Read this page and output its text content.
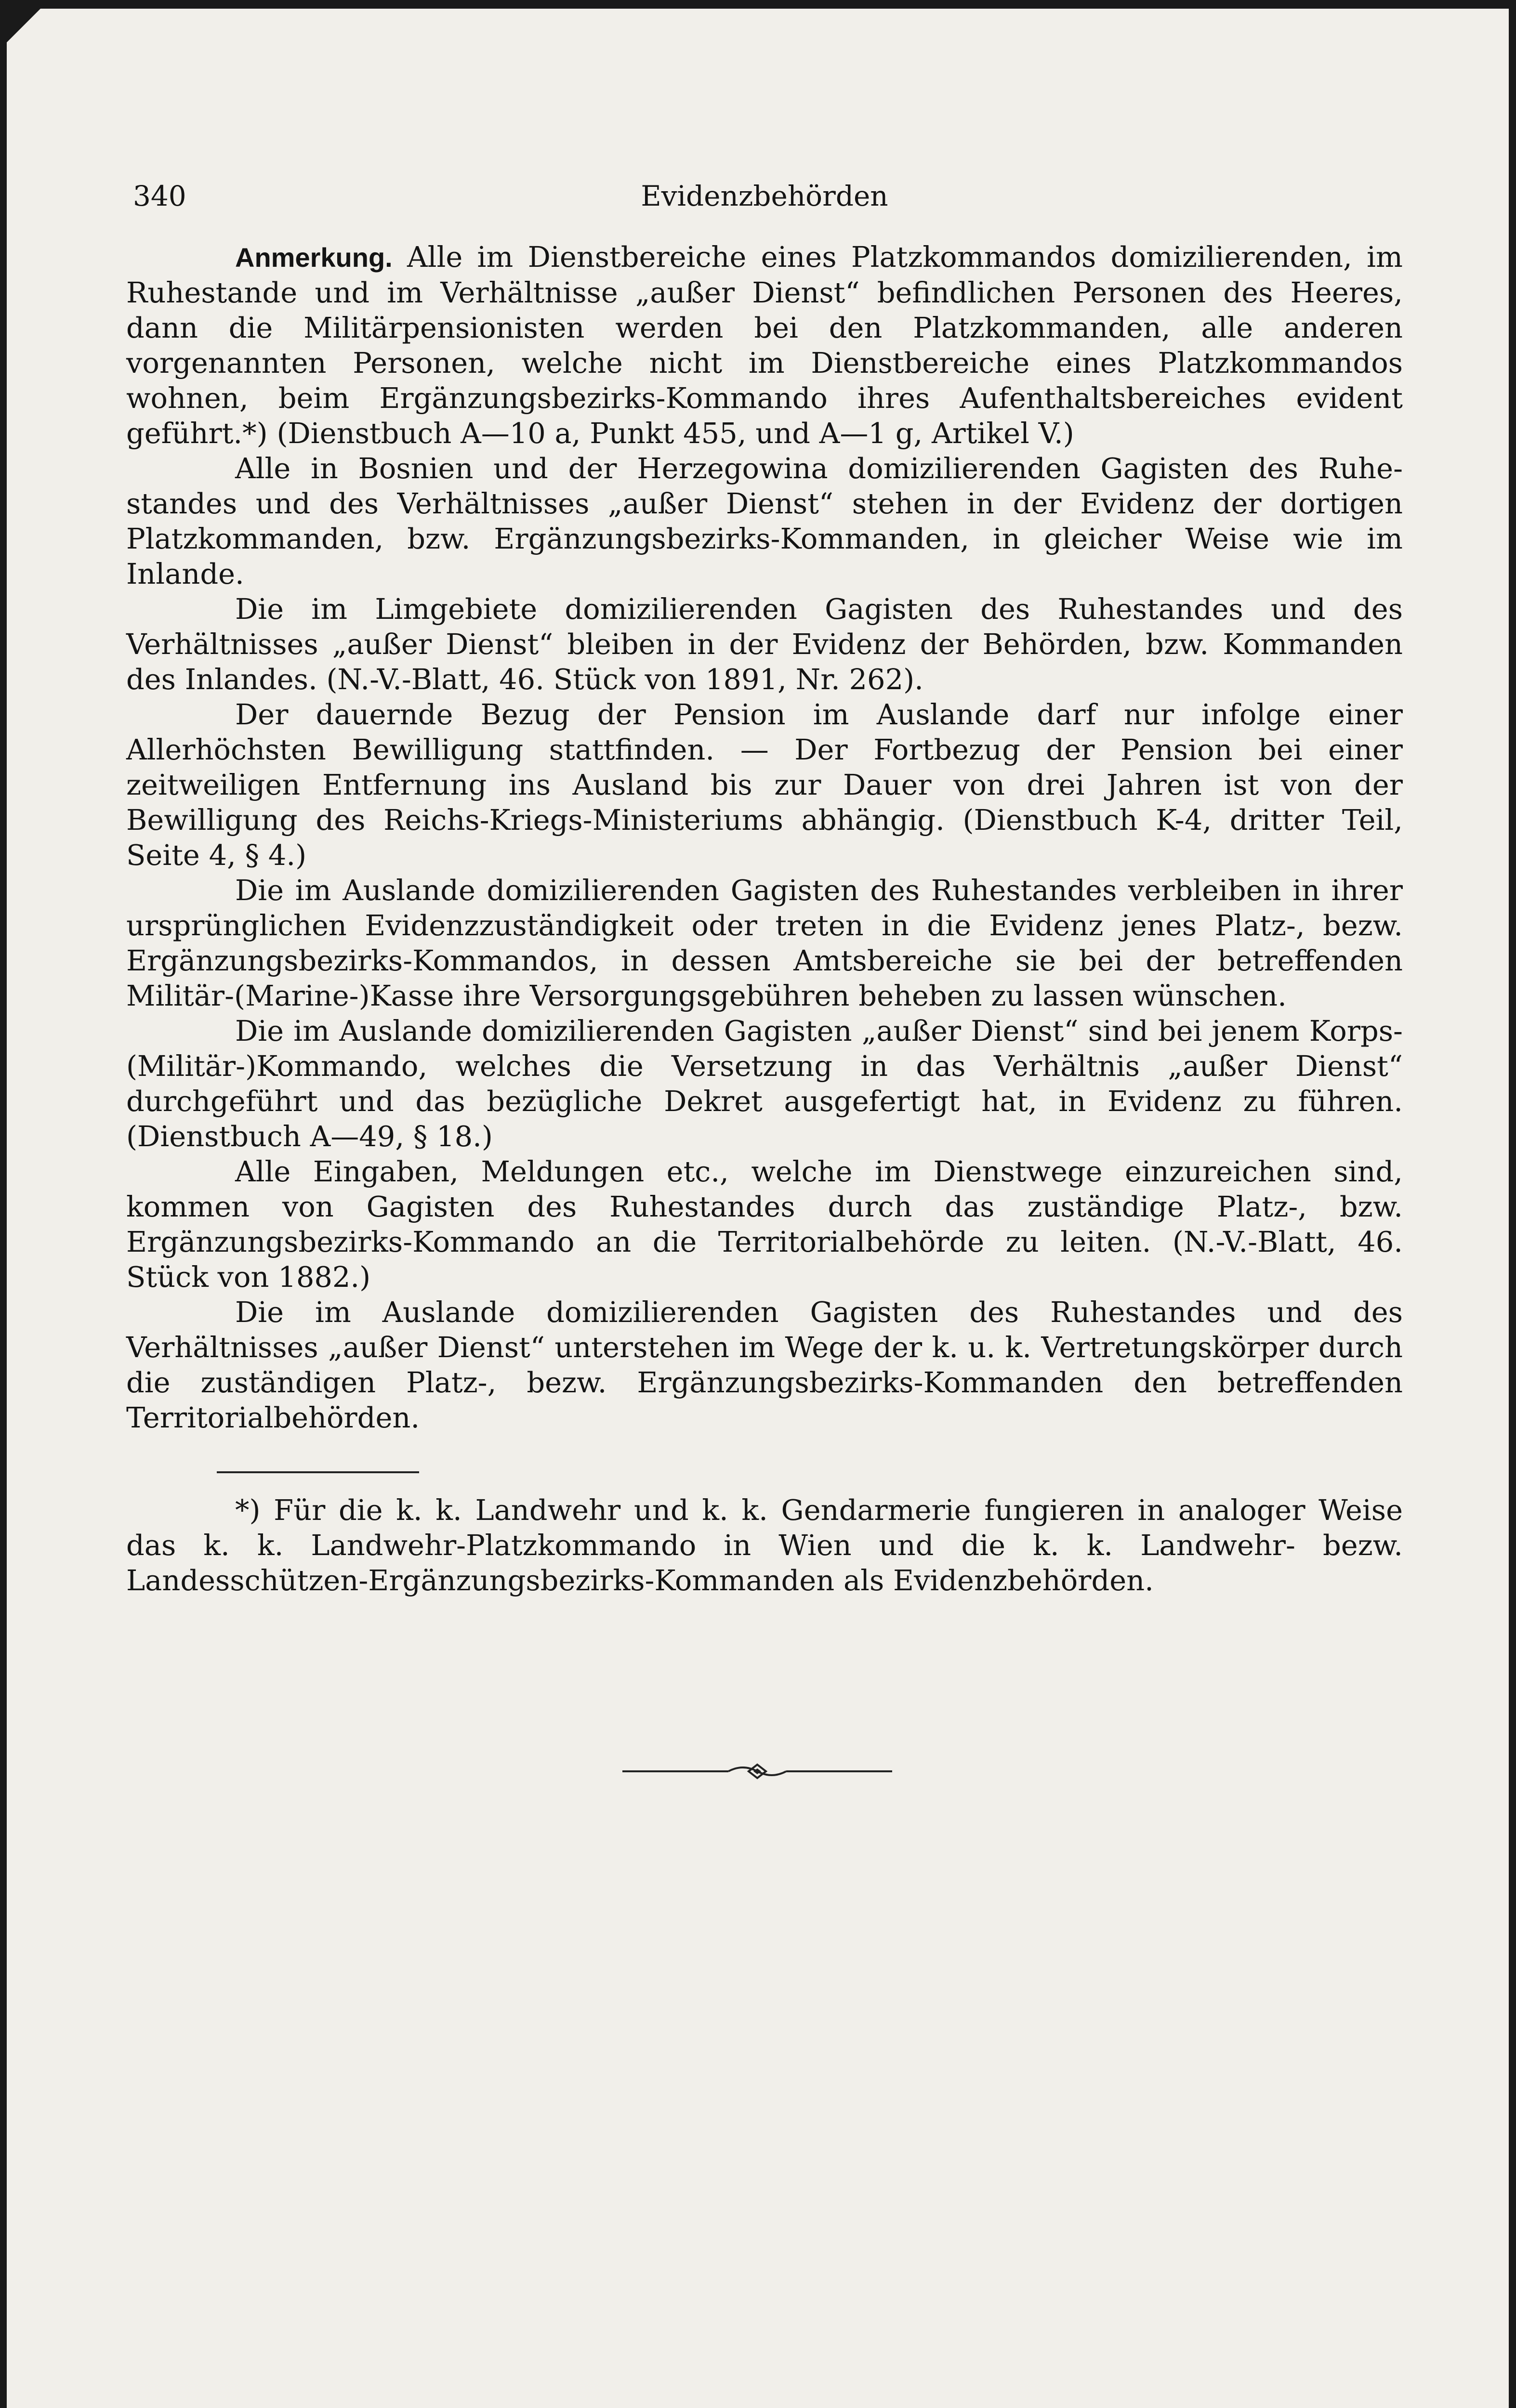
340	Evidenzbehörden

Anmerkung. Alle im Dienstbereiche eines Platzkommandos domizilierenden, im Ruhestande und im Verhältnisse „außer Dienst“ befindlichen Personen des Heeres, dann die Militärpensionisten werden bei den Platzkommanden, alle anderen vorgenannten Personen, welche nicht im Dienstbereiche eines Platzkommandos wohnen, beim Ergänzungsbezirks-Kommando ihres Aufenthaltsbereiches evident geführt.*) (Dienstbuch A—10 a, Punkt 455, und A—1 g, Artikel V.)

Alle in Bosnien und der Herzegowina domizilierenden Gagisten des Ruhestandes und des Verhältnisses „außer Dienst“ stehen in der Evidenz der dortigen Platzkommanden, bzw. Ergänzungsbezirks-Kommanden, in gleicher Weise wie im Inlande.

Die im Limgebiete domizilierenden Gagisten des Ruhestandes und des Verhältnisses „außer Dienst“ bleiben in der Evidenz der Behörden, bzw. Kommanden des Inlandes. (N.-V.-Blatt, 46. Stück von 1891, Nr. 262).

Der dauernde Bezug der Pension im Auslande darf nur infolge einer Allerhöchsten Bewilligung stattfinden. — Der Fortbezug der Pension bei einer zeitweiligen Entfernung ins Ausland bis zur Dauer von drei Jahren ist von der Bewilligung des Reichs-Kriegs-Ministeriums abhängig. (Dienstbuch K-4, dritter Teil, Seite 4, § 4.)

Die im Auslande domizilierenden Gagisten des Ruhestandes verbleiben in ihrer ursprünglichen Evidenzzuständigkeit oder treten in die Evidenz jenes Platz-, bezw. Ergänzungsbezirks-Kommandos, in dessen Amtsbereiche sie bei der betreffenden Militär-(Marine-)Kasse ihre Versorgungsgebühren beheben zu lassen wünschen.

Die im Auslande domizilierenden Gagisten „außer Dienst“ sind bei jenem Korps-(Militär-)Kommando, welches die Versetzung in das Verhältnis „außer Dienst“ durchgeführt und das bezügliche Dekret ausgefertigt hat, in Evidenz zu führen. (Dienstbuch A—49, § 18.)

Alle Eingaben, Meldungen etc., welche im Dienstwege einzureichen sind, kommen von Gagisten des Ruhestandes durch das zuständige Platz-, bzw. Ergänzungsbezirks-Kommando an die Territorialbehörde zu leiten. (N.-V.-Blatt, 46. Stück von 1882.)

Die im Auslande domizilierenden Gagisten des Ruhestandes und des Verhältnisses „außer Dienst“ unterstehen im Wege der k. u. k. Vertretungskörper durch die zuständigen Platz-, bezw. Ergänzungsbezirks-Kommanden den betreffenden Territorialbehörden.

*) Für die k. k. Landwehr und k. k. Gendarmerie fungieren in analoger Weise das k. k. Landwehr-Platzkommando in Wien und die k. k. Landwehr- bezw. Landesschützen-Ergänzungsbezirks-Kommanden als Evidenzbehörden.
